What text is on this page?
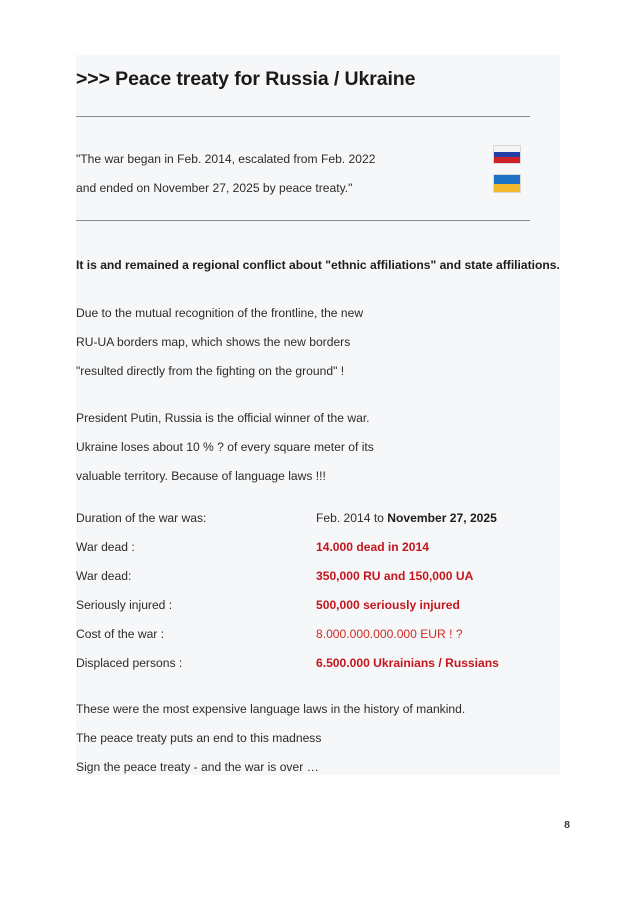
>>> Peace treaty for Russia / Ukraine
"The war began in Feb. 2014, escalated from Feb. 2022
and ended on November 27, 2025 by peace treaty."
It is and remained a regional conflict about "ethnic affiliations" and state affiliations.
Due to the mutual recognition of the frontline, the new
RU-UA borders map, which shows the new borders
"resulted directly from the fighting on the ground" !
President Putin, Russia is the official winner of the war.
Ukraine loses about 10 % ? of every square meter of its
valuable territory. Because of language laws !!!
Duration of the war was:	Feb. 2014 to November 27, 2025
War dead :	14.000 dead in 2014
War dead:	350,000 RU and 150,000 UA
Seriously injured :	500,000 seriously injured
Cost of the war :	8.000.000.000.000 EUR ! ?
Displaced persons :	6.500.000 Ukrainians / Russians
These were the most expensive language laws in the history of mankind.
The peace treaty puts an end to this madness
Sign the peace treaty - and the war is over …
8
